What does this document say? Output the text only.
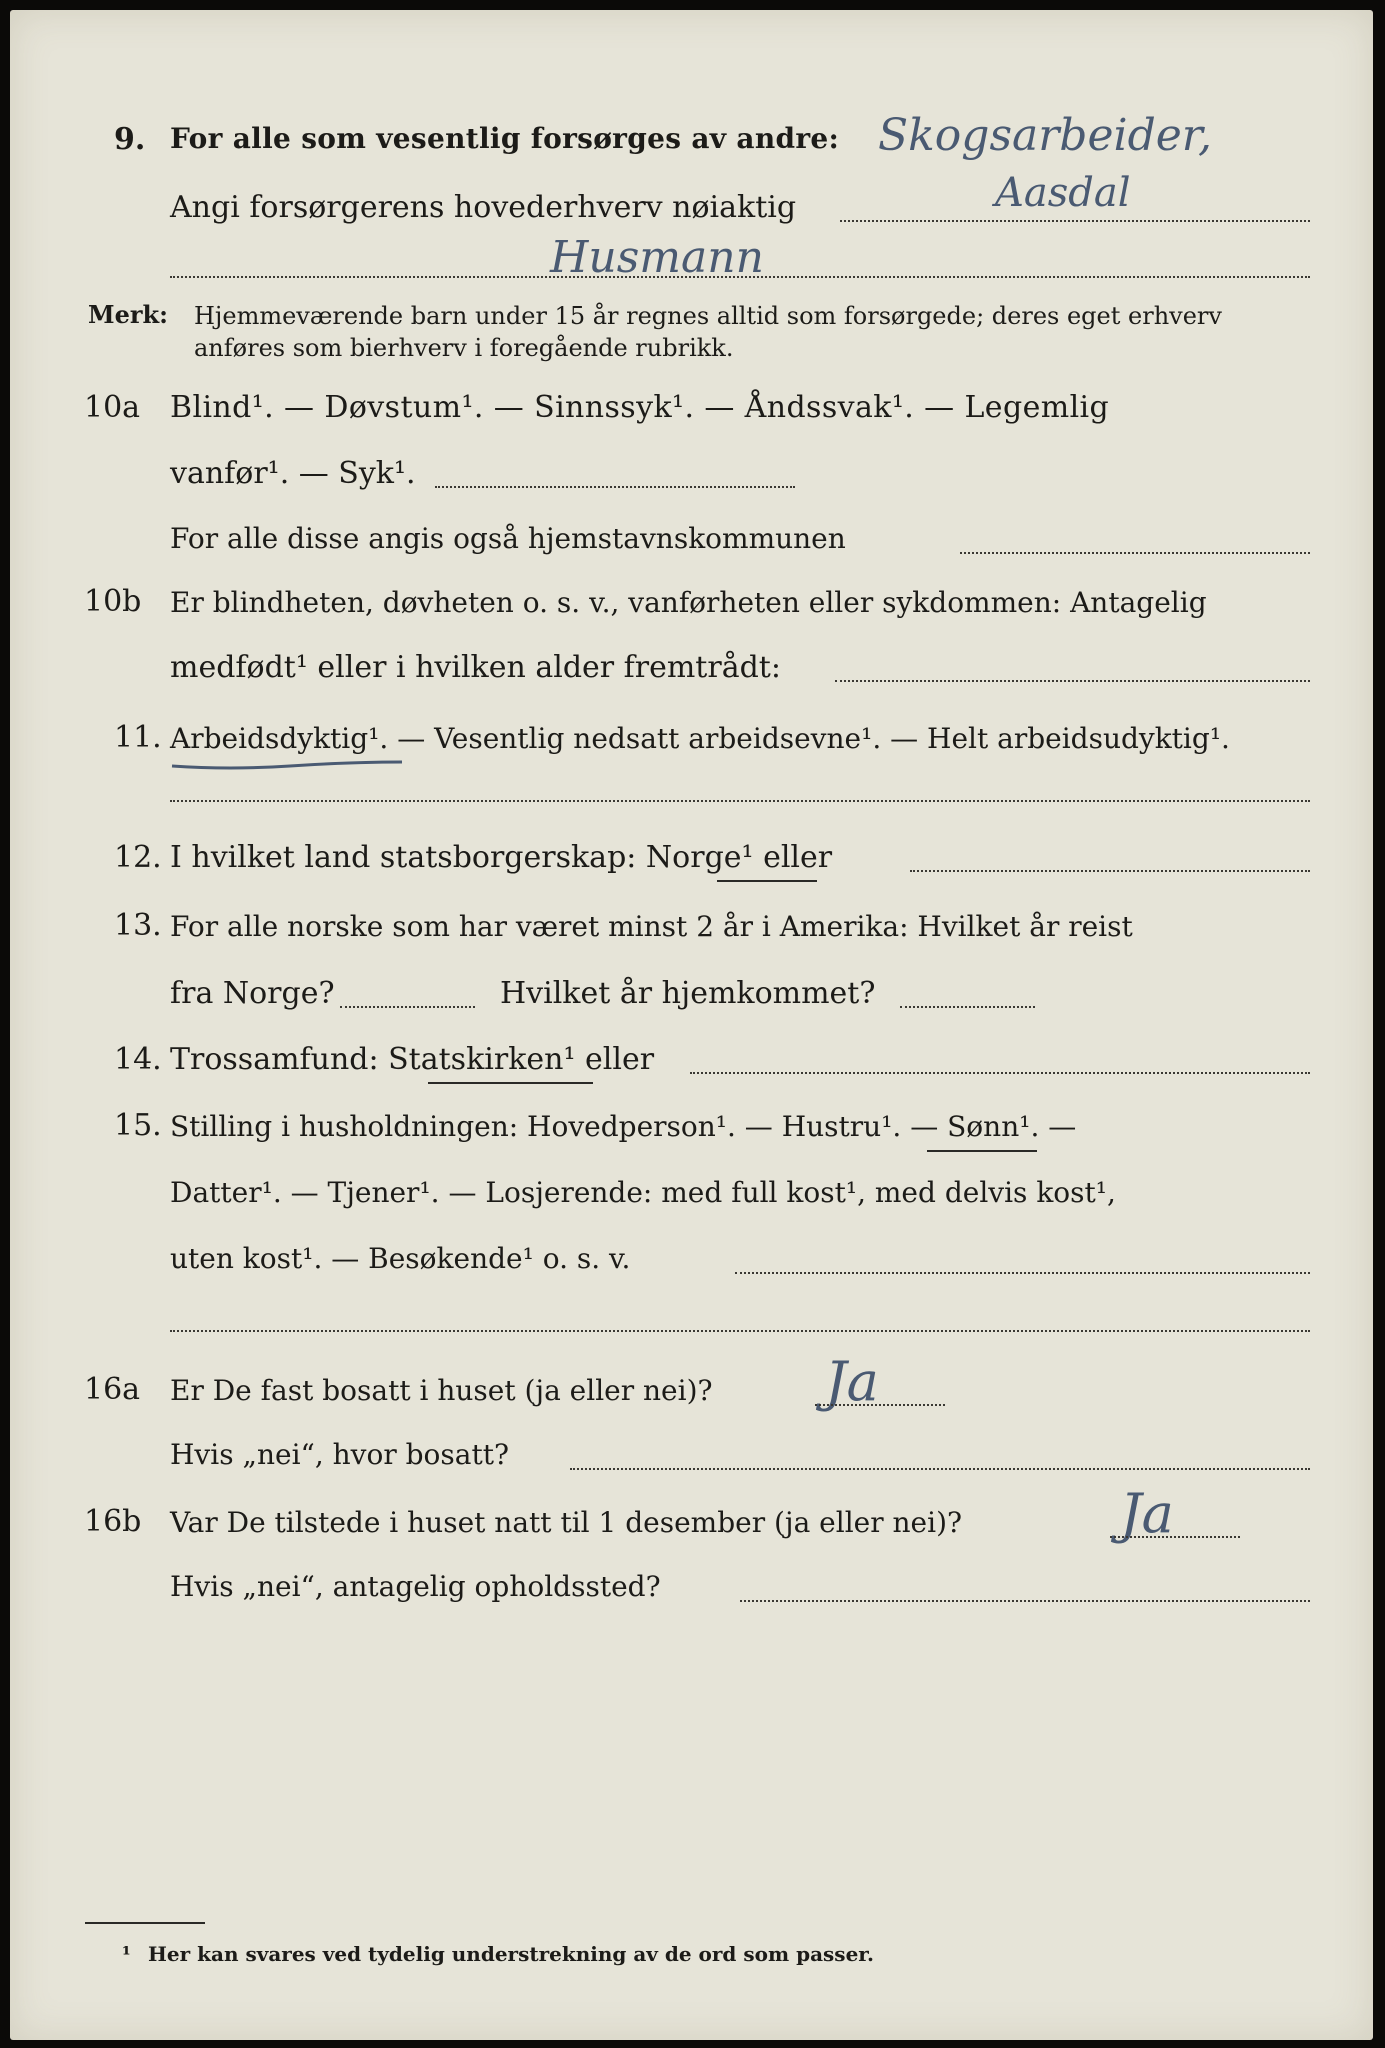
9. For alle som vesentlig forsørges av andre: Skogsarbeider,
Angi forsørgerens hovederhverv nøiaktig	Aasdal
Husmann
Merk: Hjemmeværende barn under 15 år regnes alltid som forsørgede; deres eget erhverv
anføres som bierhverv i foregående rubrikk.
10a Blind¹. — Døvstum¹. — Sinnssyk¹. — Åndssvak¹. — Legemlig
vanfør¹. — Syk¹.
For alle disse angis også hjemstavnskommunen
10b Er blindheten, døvheten o. s. v., vanførheten eller sykdommen: Antagelig
medfødt¹ eller i hvilken alder fremtrådt:
11. Arbeidsdyktig¹. — Vesentlig nedsatt arbeidsevne¹. — Helt arbeidsudyktig¹.
12. I hvilket land statsborgerskap: Norge¹ eller
13. For alle norske som har været minst 2 år i Amerika: Hvilket år reist
fra Norge?	Hvilket år hjemkommet?
14. Trossamfund: Statskirken¹ eller
15. Stilling i husholdningen: Hovedperson¹. — Hustru¹. — Sønn¹. —
Datter¹. — Tjener¹. — Losjerende: med full kost¹, med delvis kost¹,
uten kost¹. — Besøkende¹ o. s. v.
16a Er De fast bosatt i huset (ja eller nei)? Ja
Hvis „nei“, hvor bosatt?
16b Var De tilstede i huset natt til 1 desember (ja eller nei)?	Ja
Hvis „nei“, antagelig opholdssted?
¹ Her kan svares ved tydelig understrekning av de ord som passer.
